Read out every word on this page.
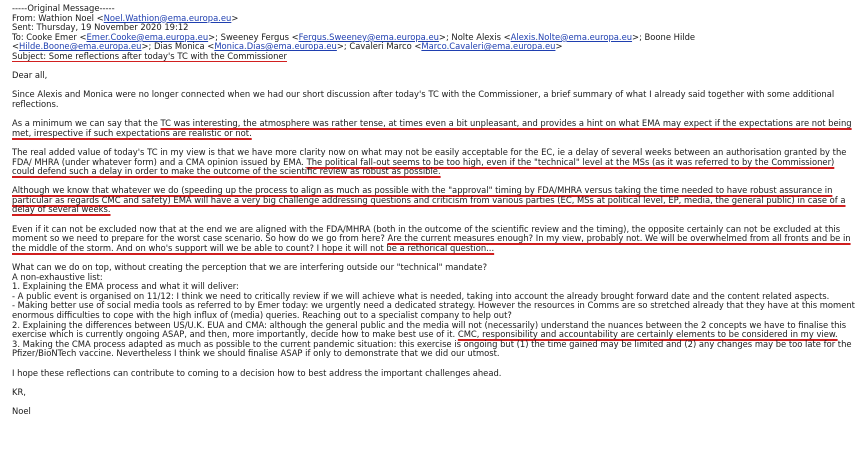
-----Original Message-----
From: Wathion Noel <Noel.Wathion@ema.europa.eu>
Sent: Thursday, 19 November 2020 19:12
To: Cooke Emer <Emer.Cooke@ema.europa.eu>; Sweeney Fergus <Fergus.Sweeney@ema.europa.eu>; Nolte Alexis <Alexis.Nolte@ema.europa.eu>; Boone Hilde
<Hilde.Boone@ema.europa.eu>; Dias Monica <Monica.Dias@ema.europa.eu>; Cavaleri Marco <Marco.Cavaleri@ema.europa.eu>
Subject: Some reflections after today's TC with the Commissioner

Dear all,

Since Alexis and Monica were no longer connected when we had our short discussion after today's TC with the Commissioner, a brief summary of what I already said together with some additional reflections.

As a minimum we can say that the TC was interesting, the atmosphere was rather tense, at times even a bit unpleasant, and provides a hint on what EMA may expect if the expectations are not being met, irrespective if such expectations are realistic or not.

The real added value of today's TC in my view is that we have more clarity now on what may not be easily acceptable for the EC, ie a delay of several weeks between an authorisation granted by the FDA/ MHRA (under whatever form) and a CMA opinion issued by EMA. The political fall-out seems to be too high, even if the "technical" level at the MSs (as it was referred to by the Commissioner) could defend such a delay in order to make the outcome of the scientific review as robust as possible.

Although we know that whatever we do (speeding up the process to align as much as possible with the "approval" timing by FDA/MHRA versus taking the time needed to have robust assurance in particular as regards CMC and safety) EMA will have a very big challenge addressing questions and criticism from various parties (EC, MSs at political level, EP, media, the general public) in case of a delay of several weeks.

Even if it can not be excluded now that at the end we are aligned with the FDA/MHRA (both in the outcome of the scientific review and the timing), the opposite certainly can not be excluded at this moment so we need to prepare for the worst case scenario. So how do we go from here? Are the current measures enough? In my view, probably not. We will be overwhelmed from all fronts and be in the middle of the storm. And on who's support will we be able to count? I hope it will not be a rethorical question...

What can we do on top, without creating the perception that we are interfering outside our "technical" mandate?

A non-exhaustive list:

1. Explaining the EMA process and what it will deliver:

- A public event is organised on 11/12: I think we need to critically review if we will achieve what is needed, taking into account the already brought forward date and the content related aspects.

- Making better use of social media tools as referred to by Emer today: we urgently need a dedicated strategy. However the resources in Comms are so stretched already that they have at this moment enormous difficulties to cope with the high influx of (media) queries. Reaching out to a specialist company to help out?

2. Explaining the differences between US/U.K. EUA and CMA: although the general public and the media will not (necessarily) understand the nuances between the 2 concepts we have to finalise this exercise which is currently ongoing ASAP, and then, more importantly, decide how to make best use of it. CMC, responsibility and accountability are certainly elements to be considered in my view.

3. Making the CMA process adapted as much as possible to the current pandemic situation: this exercise is ongoing but (1) the time gained may be limited and (2) any changes may be too late for the Pfizer/BioNTech vaccine. Nevertheless I think we should finalise ASAP if only to demonstrate that we did our utmost.

I hope these reflections can contribute to coming to a decision how to best address the important challenges ahead.

KR,

Noel
